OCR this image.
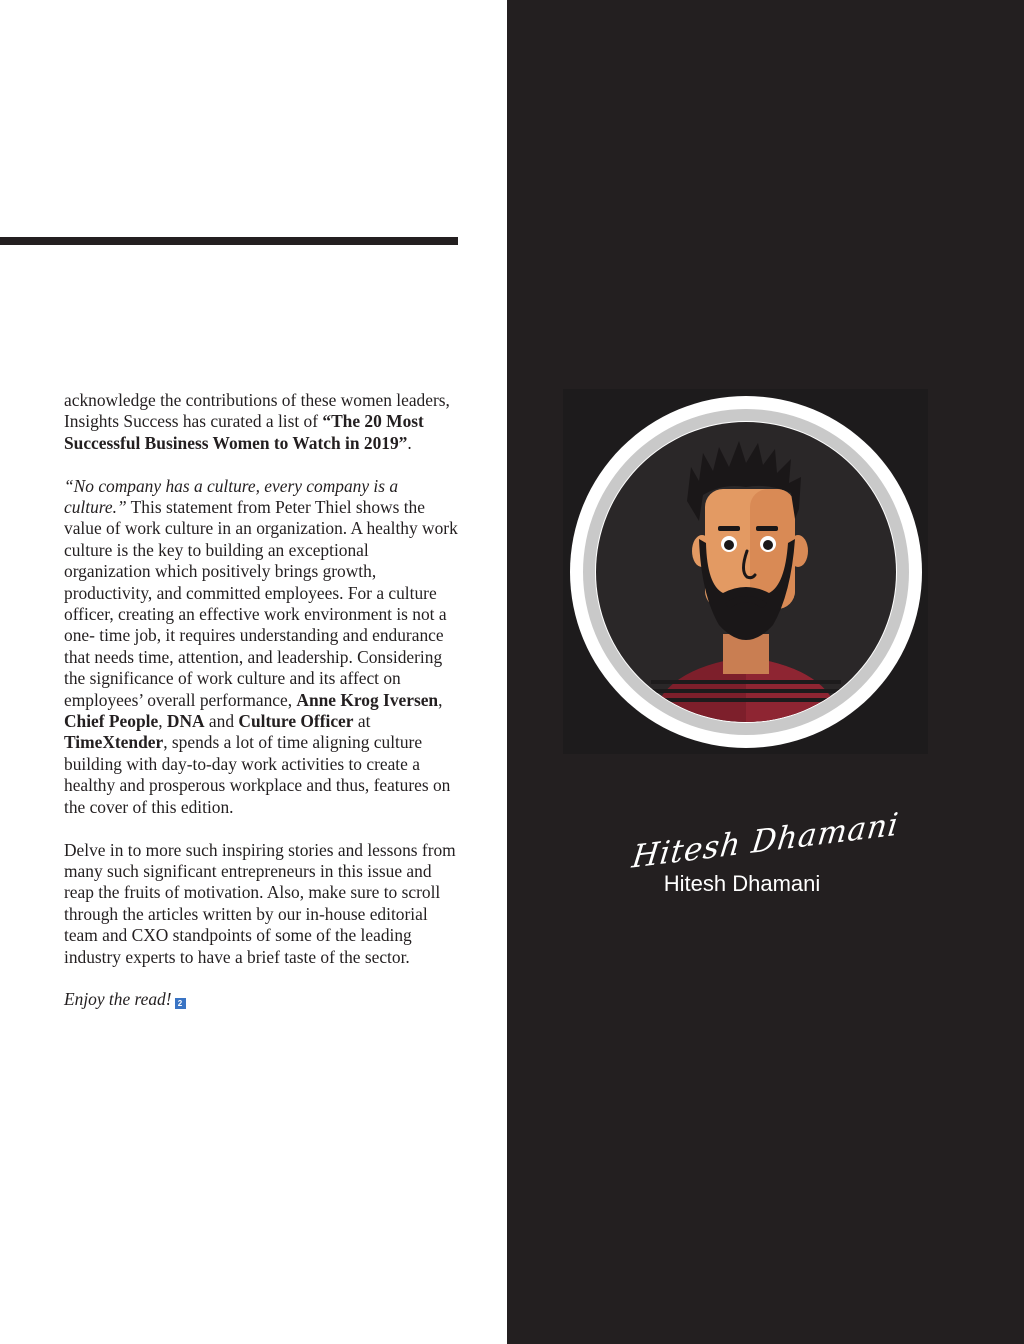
acknowledge the contributions of these women leaders, Insights Success has curated a list of “The 20 Most Successful Business Women to Watch in 2019”.

“No company has a culture, every company is a culture.” This statement from Peter Thiel shows the value of work culture in an organization. A healthy work culture is the key to building an exceptional organization which positively brings growth, productivity, and committed employees. For a culture officer, creating an effective work environment is not a one- time job, it requires understanding and endurance that needs time, attention, and leadership. Considering the significance of work culture and its affect on employees’ overall performance, Anne Krog Iversen, Chief People, DNA and Culture Officer at TimeXtender, spends a lot of time aligning culture building with day-to-day work activities to create a healthy and prosperous workplace and thus, features on the cover of this edition.

Delve in to more such inspiring stories and lessons from many such significant entrepreneurs in this issue and reap the fruits of motivation. Also, make sure to scroll through the articles written by our in-house editorial team and CXO standpoints of some of the leading industry experts to have a brief taste of the sector.

Enjoy the read! 2

Hitesh Dhamani
Hitesh Dhamani
